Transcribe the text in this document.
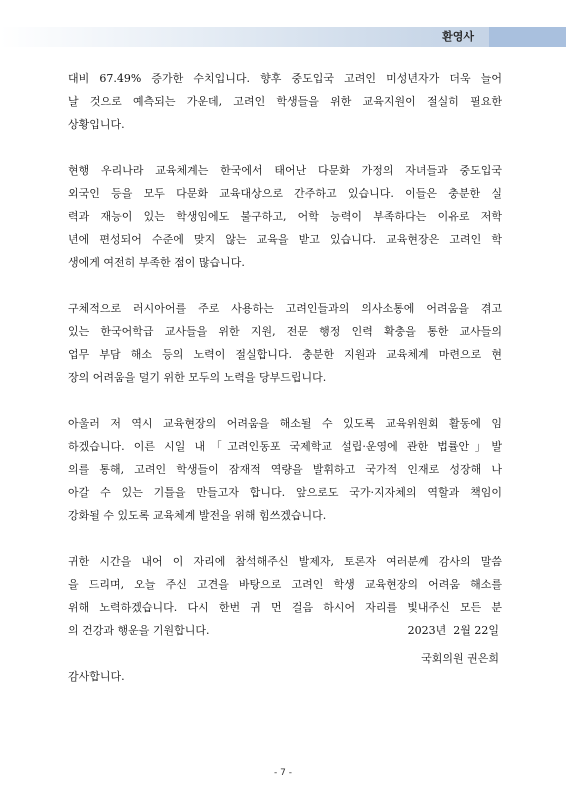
환영사

대비 67.49% 증가한 수치입니다. 향후 중도입국 고려인 미성년자가 더욱 늘어
날 것으로 예측되는 가운데, 고려인 학생들을 위한 교육지원이 절실히 필요한
상황입니다.

현행 우리나라 교육체계는 한국에서 태어난 다문화 가정의 자녀들과 중도입국
외국인 등을 모두 다문화 교육대상으로 간주하고 있습니다. 이들은 충분한 실
력과 재능이 있는 학생임에도 불구하고, 어학 능력이 부족하다는 이유로 저학
년에 편성되어 수준에 맞지 않는 교육을 받고 있습니다. 교육현장은 고려인 학
생에게 여전히 부족한 점이 많습니다.

구체적으로 러시아어를 주로 사용하는 고려인들과의 의사소통에 어려움을 겪고
있는 한국어학급 교사들을 위한 지원, 전문 행정 인력 확충을 통한 교사들의
업무 부담 해소 등의 노력이 절실합니다. 충분한 지원과 교육체계 마련으로 현
장의 어려움을 덜기 위한 모두의 노력을 당부드립니다.

아울러 저 역시 교육현장의 어려움을 해소될 수 있도록 교육위원회 활동에 임
하겠습니다. 이른 시일 내「고려인동포 국제학교 설립·운영에 관한 법률안」발
의를 통해, 고려인 학생들이 잠재적 역량을 발휘하고 국가적 인재로 성장해 나
아갈 수 있는 기틀을 만들고자 합니다. 앞으로도 국가·지자체의 역할과 책임이
강화될 수 있도록 교육체계 발전을 위해 힘쓰겠습니다.

귀한 시간을 내어 이 자리에 참석해주신 발제자, 토론자 여러분께 감사의 말씀
을 드리며, 오늘 주신 고견을 바탕으로 고려인 학생 교육현장의 어려움 해소를
위해 노력하겠습니다. 다시 한번 귀 먼 걸음 하시어 자리를 빛내주신 모든 분
의 건강과 행운을 기원합니다.

감사합니다.

2023년  2월 22일
국회의원 권은희
- 7 -
